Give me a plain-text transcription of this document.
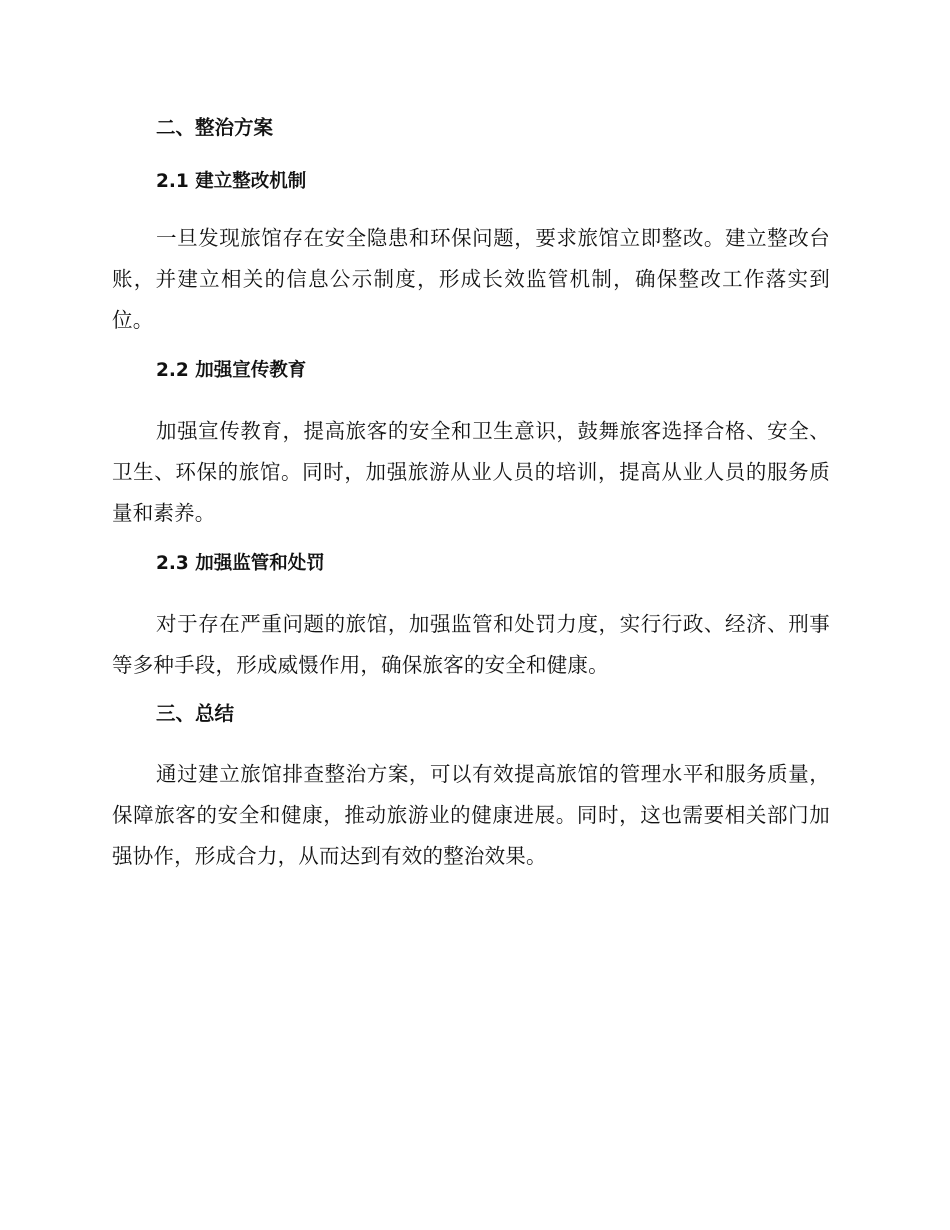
二、整治方案
2.1 建立整改机制

一旦发现旅馆存在安全隐患和环保问题，要求旅馆立即整改。建立整改台账，并建立相关的信息公示制度，形成长效监管机制，确保整改工作落实到位。

2.2 加强宣传教育

加强宣传教育，提高旅客的安全和卫生意识，鼓舞旅客选择合格、安全、卫生、环保的旅馆。同时，加强旅游从业人员的培训，提高从业人员的服务质量和素养。

2.3 加强监管和处罚

对于存在严重问题的旅馆，加强监管和处罚力度，实行行政、经济、刑事等多种手段，形成威慑作用，确保旅客的安全和健康。

三、总结

通过建立旅馆排查整治方案，可以有效提高旅馆的管理水平和服务质量，保障旅客的安全和健康，推动旅游业的健康进展。同时，这也需要相关部门加强协作，形成合力，从而达到有效的整治效果。
